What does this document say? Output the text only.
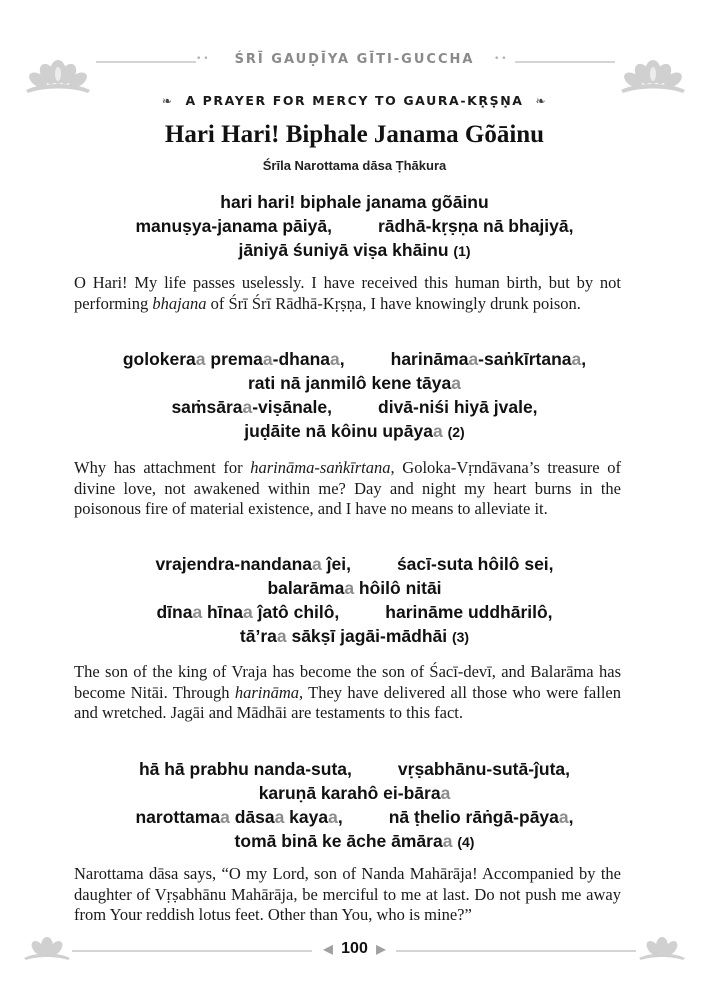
••	ŚRĪ GAUḌĪYA GĪTI-GUCCHA	••
❧ A PRAYER FOR MERCY TO GAURA-KṚṢṆA ❧
Hari Hari! Biphale Janama Gõāinu
Śrīla Narottama dāsa Ṭhākura
hari hari! biphale janama gõāinu
manuṣya-janama pāiyā,	rādhā-kṛṣṇa nā bhajiyā,
jāniyā śuniyā viṣa khāinu (1)
O Hari! My life passes uselessly. I have received this human birth, but by not performing bhajana of Śrī Śrī Rādhā-Kṛṣṇa, I have knowingly drunk poison.
golokeraa premaa-dhanaa,	harināmaa-saṅkīrtanaa,
rati nā janmilô kene tāyaa
saṁsāraa-viṣānale,	divā-niśi hiyā jvale,
juḍāite nā kôinu upāyaa (2)
Why has attachment for harināma-saṅkīrtana, Goloka-Vṛndāvana’s treasure of divine love, not awakened within me? Day and night my heart burns in the poisonous fire of material existence, and I have no means to alleviate it.
vrajendra-nandanaa ĵei,	śacī-suta hôilô sei,
balarāmaa hôilô nitāi
dīnaa hīnaa ĵatô chilô,	harināme uddhārilô,
tā’raa sākṣī jagāi-mādhāi (3)
The son of the king of Vraja has become the son of Śacī-devī, and Balarāma has become Nitāi. Through harināma, They have delivered all those who were fallen and wretched. Jagāi and Mādhāi are testaments to this fact.
hā hā prabhu nanda-suta,	vṛṣabhānu-sutā-ĵuta,
karuṇā karahô ei-bāraa
narottamaa dāsaa kayaa,	nā ṭhelio rāṅgā-pāyaa,
tomā binā ke āche āmāraa (4)
Narottama dāsa says, “O my Lord, son of Nanda Mahārāja! Accompanied by the daughter of Vṛṣabhānu Mahārāja, be merciful to me at last. Do not push me away from Your reddish lotus feet. Other than You, who is mine?”
◀ 100 ▶
